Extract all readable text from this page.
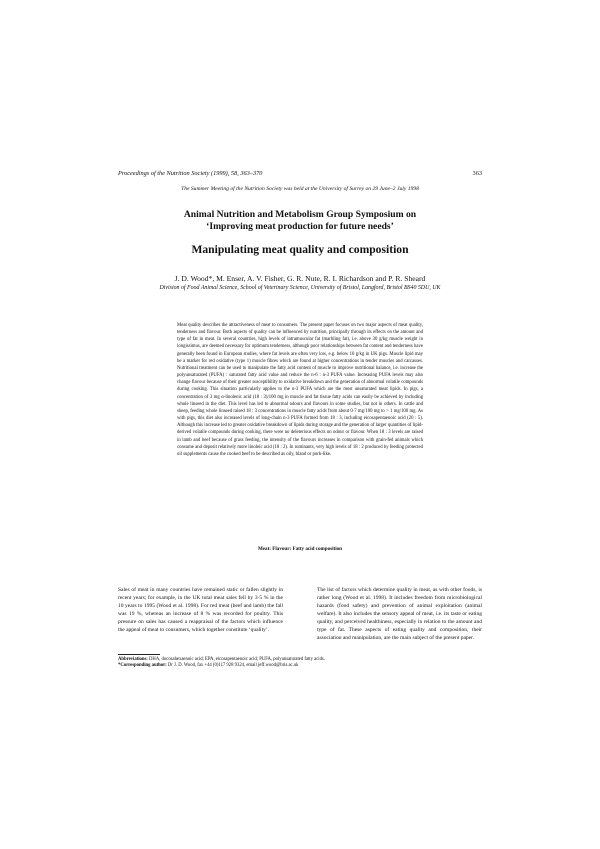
Proceedings of the Nutrition Society (1999), 58, 363–370	363
The Summer Meeting of the Nutrition Society was held at the University of Surrey on 29 June–2 July 1998
Animal Nutrition and Metabolism Group Symposium on
‘Improving meat production for future needs’
Manipulating meat quality and composition
J. D. Wood*, M. Enser, A. V. Fisher, G. R. Nute, R. I. Richardson and P. R. Sheard
Division of Food Animal Science, School of Veterinary Science, University of Bristol, Langford, Bristol BS40 5DU, UK
Meat quality describes the attractiveness of meat to consumers. The present paper focuses on two major aspects of meat quality, tenderness and flavour. Both aspects of quality can be influenced by nutrition, principally through its effects on the amount and type of fat in meat. In several countries, high levels of intramuscular fat (marbling fat), i.e. above 30 g/kg muscle weight in longissimus, are deemed necessary for optimum tenderness, although poor relationships between fat content and tenderness have generally been found in European studies, where fat levels are often very low, e.g. below 10 g/kg in UK pigs. Muscle lipid may be a marker for red oxidative (type 1) muscle fibres which are found at higher concentrations in tender muscles and carcasses. Nutritional treatment can be used to manipulate the fatty acid content of muscle to improve nutritional balance, i.e. increase the polyunsaturated (PUFA) : saturated fatty acid value and reduce the n-6 : n-3 PUFA value. Increasing PUFA levels may also change flavour because of their greater susceptibility to oxidative breakdown and the generation of abnormal volatile compounds during cooking. This situation particularly applies to the n-3 PUFA which are the most unsaturated meat lipids. In pigs, a concentration of 3 mg α-linolenic acid (18 : 3)/100 mg in muscle and fat tissue fatty acids can easily be achieved by including whole linseed in the diet. This level has led to abnormal odours and flavours in some studies, but not in others. In cattle and sheep, feeding whole linseed raised 18 : 3 concentrations in muscle fatty acids from about 0·7 mg/100 mg to > 1 mg/100 mg. As with pigs, this diet also increased levels of long-chain n-3 PUFA formed from 18 : 3, including eicosapentaenoic acid (20 : 5). Although this increase led to greater oxidative breakdown of lipids during storage and the generation of larger quantities of lipid-derived volatile compounds during cooking, there were no deleterious effects on odour or flavour. When 18 : 3 levels are raised in lamb and beef because of grass feeding, the intensity of the flavours increases in comparison with grain-fed animals which consume and deposit relatively more linoleic acid (18 : 2). In ruminants, very high levels of 18 : 2 produced by feeding protected oil supplements cause the cooked beef to be described as oily, bland or pork-like.
Meat: Flavour: Fatty acid composition
Sales of meat in many countries have remained static or fallen slightly in recent years; for example, in the UK total meat sales fell by 3·5 % in the 10 years to 1995 (Wood et al. 1998). For red meat (beef and lamb) the fall was 19 %, whereas an increase of 8 % was recorded for poultry. This pressure on sales has caused a reappraisal of the factors which influence the appeal of meat to consumers, which together constitute ‘quality’.
The list of factors which determine quality in meat, as with other foods, is rather long (Wood et al. 1998). It includes freedom from microbiological hazards (food safety) and prevention of animal exploitation (animal welfare). It also includes the sensory appeal of meat, i.e. its taste or eating quality, and perceived healthiness, especially in relation to the amount and type of fat. These aspects of eating quality and composition, their association and manipulation, are the main subject of the present paper.
Abbreviations: DHA, docosahexaenoic acid; EPA, eicosapentaenoic acid; PUFA, polyunsaturated fatty acids.
*Corresponding author: Dr J. D. Wood, fax +44 (0)117 928 9324, email jeff.wood@bris.ac.uk
